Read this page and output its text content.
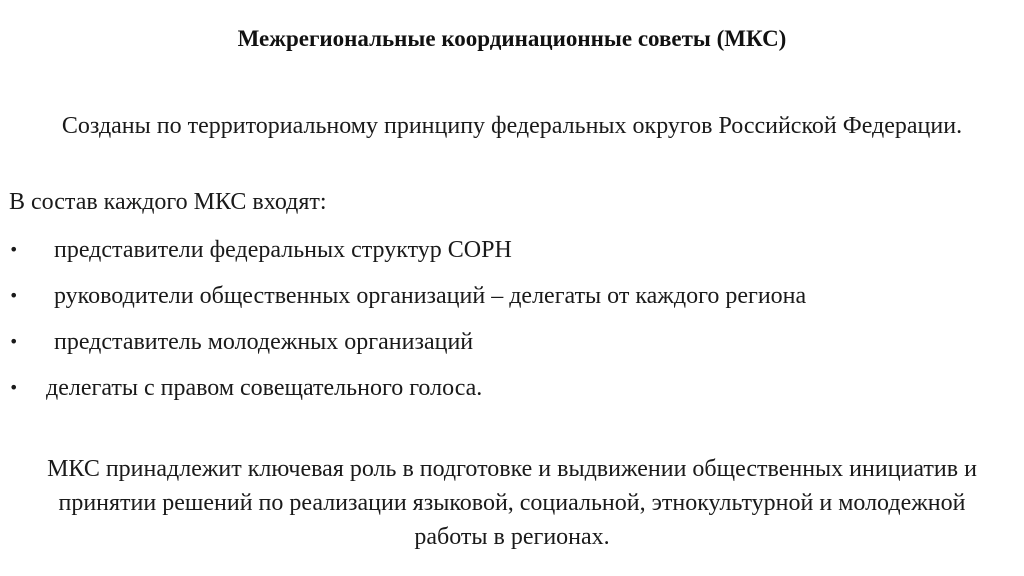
Межрегиональные координационные советы (МКС)
Созданы по территориальному принципу федеральных округов Российской Федерации.
В состав каждого МКС входят:
• представители федеральных структур СОРН
• руководители общественных организаций – делегаты от каждого региона
• представитель молодежных организаций
• делегаты с правом совещательного голоса.
МКС принадлежит ключевая роль в подготовке и выдвижении общественных инициатив и принятии решений по реализации языковой, социальной, этнокультурной и молодежной работы в регионах.
